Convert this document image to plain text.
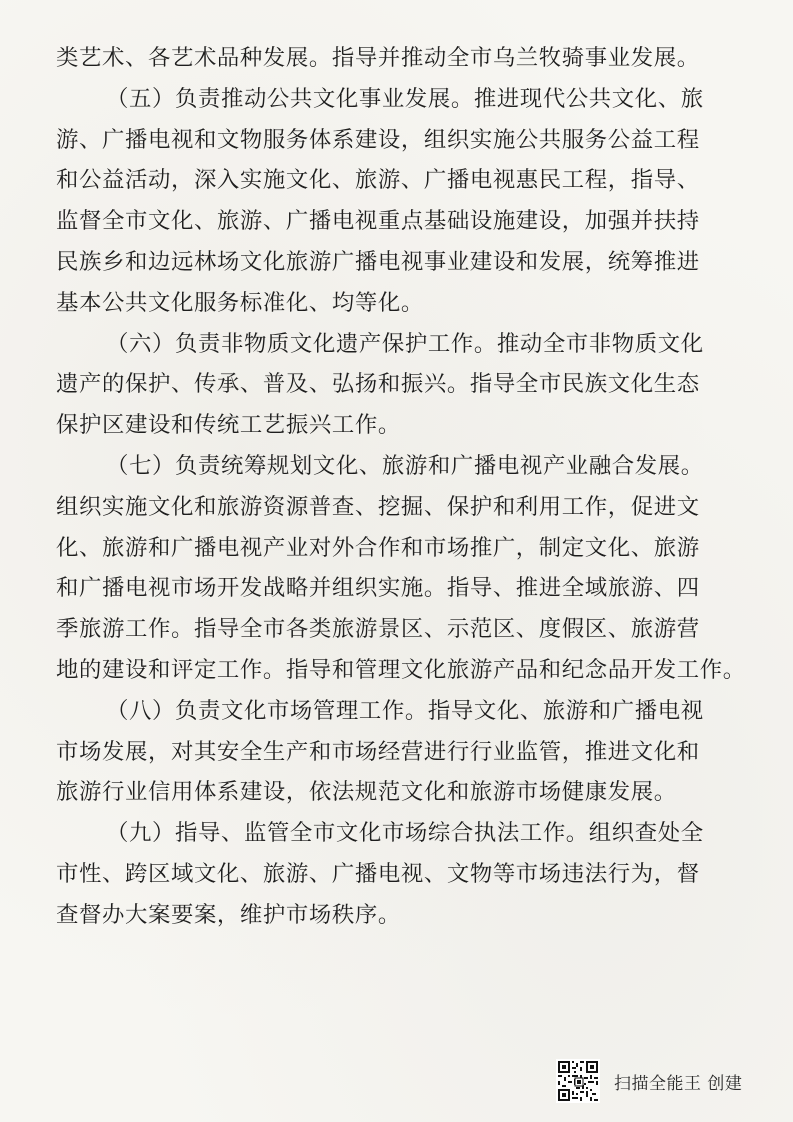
类艺术、各艺术品种发展。指导并推动全市乌兰牧骑事业发展。
（五）负责推动公共文化事业发展。推进现代公共文化、旅
游、广播电视和文物服务体系建设，组织实施公共服务公益工程
和公益活动，深入实施文化、旅游、广播电视惠民工程，指导、
监督全市文化、旅游、广播电视重点基础设施建设，加强并扶持
民族乡和边远林场文化旅游广播电视事业建设和发展，统筹推进
基本公共文化服务标准化、均等化。
（六）负责非物质文化遗产保护工作。推动全市非物质文化
遗产的保护、传承、普及、弘扬和振兴。指导全市民族文化生态
保护区建设和传统工艺振兴工作。
（七）负责统筹规划文化、旅游和广播电视产业融合发展。
组织实施文化和旅游资源普查、挖掘、保护和利用工作，促进文
化、旅游和广播电视产业对外合作和市场推广，制定文化、旅游
和广播电视市场开发战略并组织实施。指导、推进全域旅游、四
季旅游工作。指导全市各类旅游景区、示范区、度假区、旅游营
地的建设和评定工作。指导和管理文化旅游产品和纪念品开发工作。
（八）负责文化市场管理工作。指导文化、旅游和广播电视
市场发展，对其安全生产和市场经营进行行业监管，推进文化和
旅游行业信用体系建设，依法规范文化和旅游市场健康发展。
（九）指导、监管全市文化市场综合执法工作。组织查处全
市性、跨区域文化、旅游、广播电视、文物等市场违法行为，督
查督办大案要案，维护市场秩序。
扫描全能王 创建
